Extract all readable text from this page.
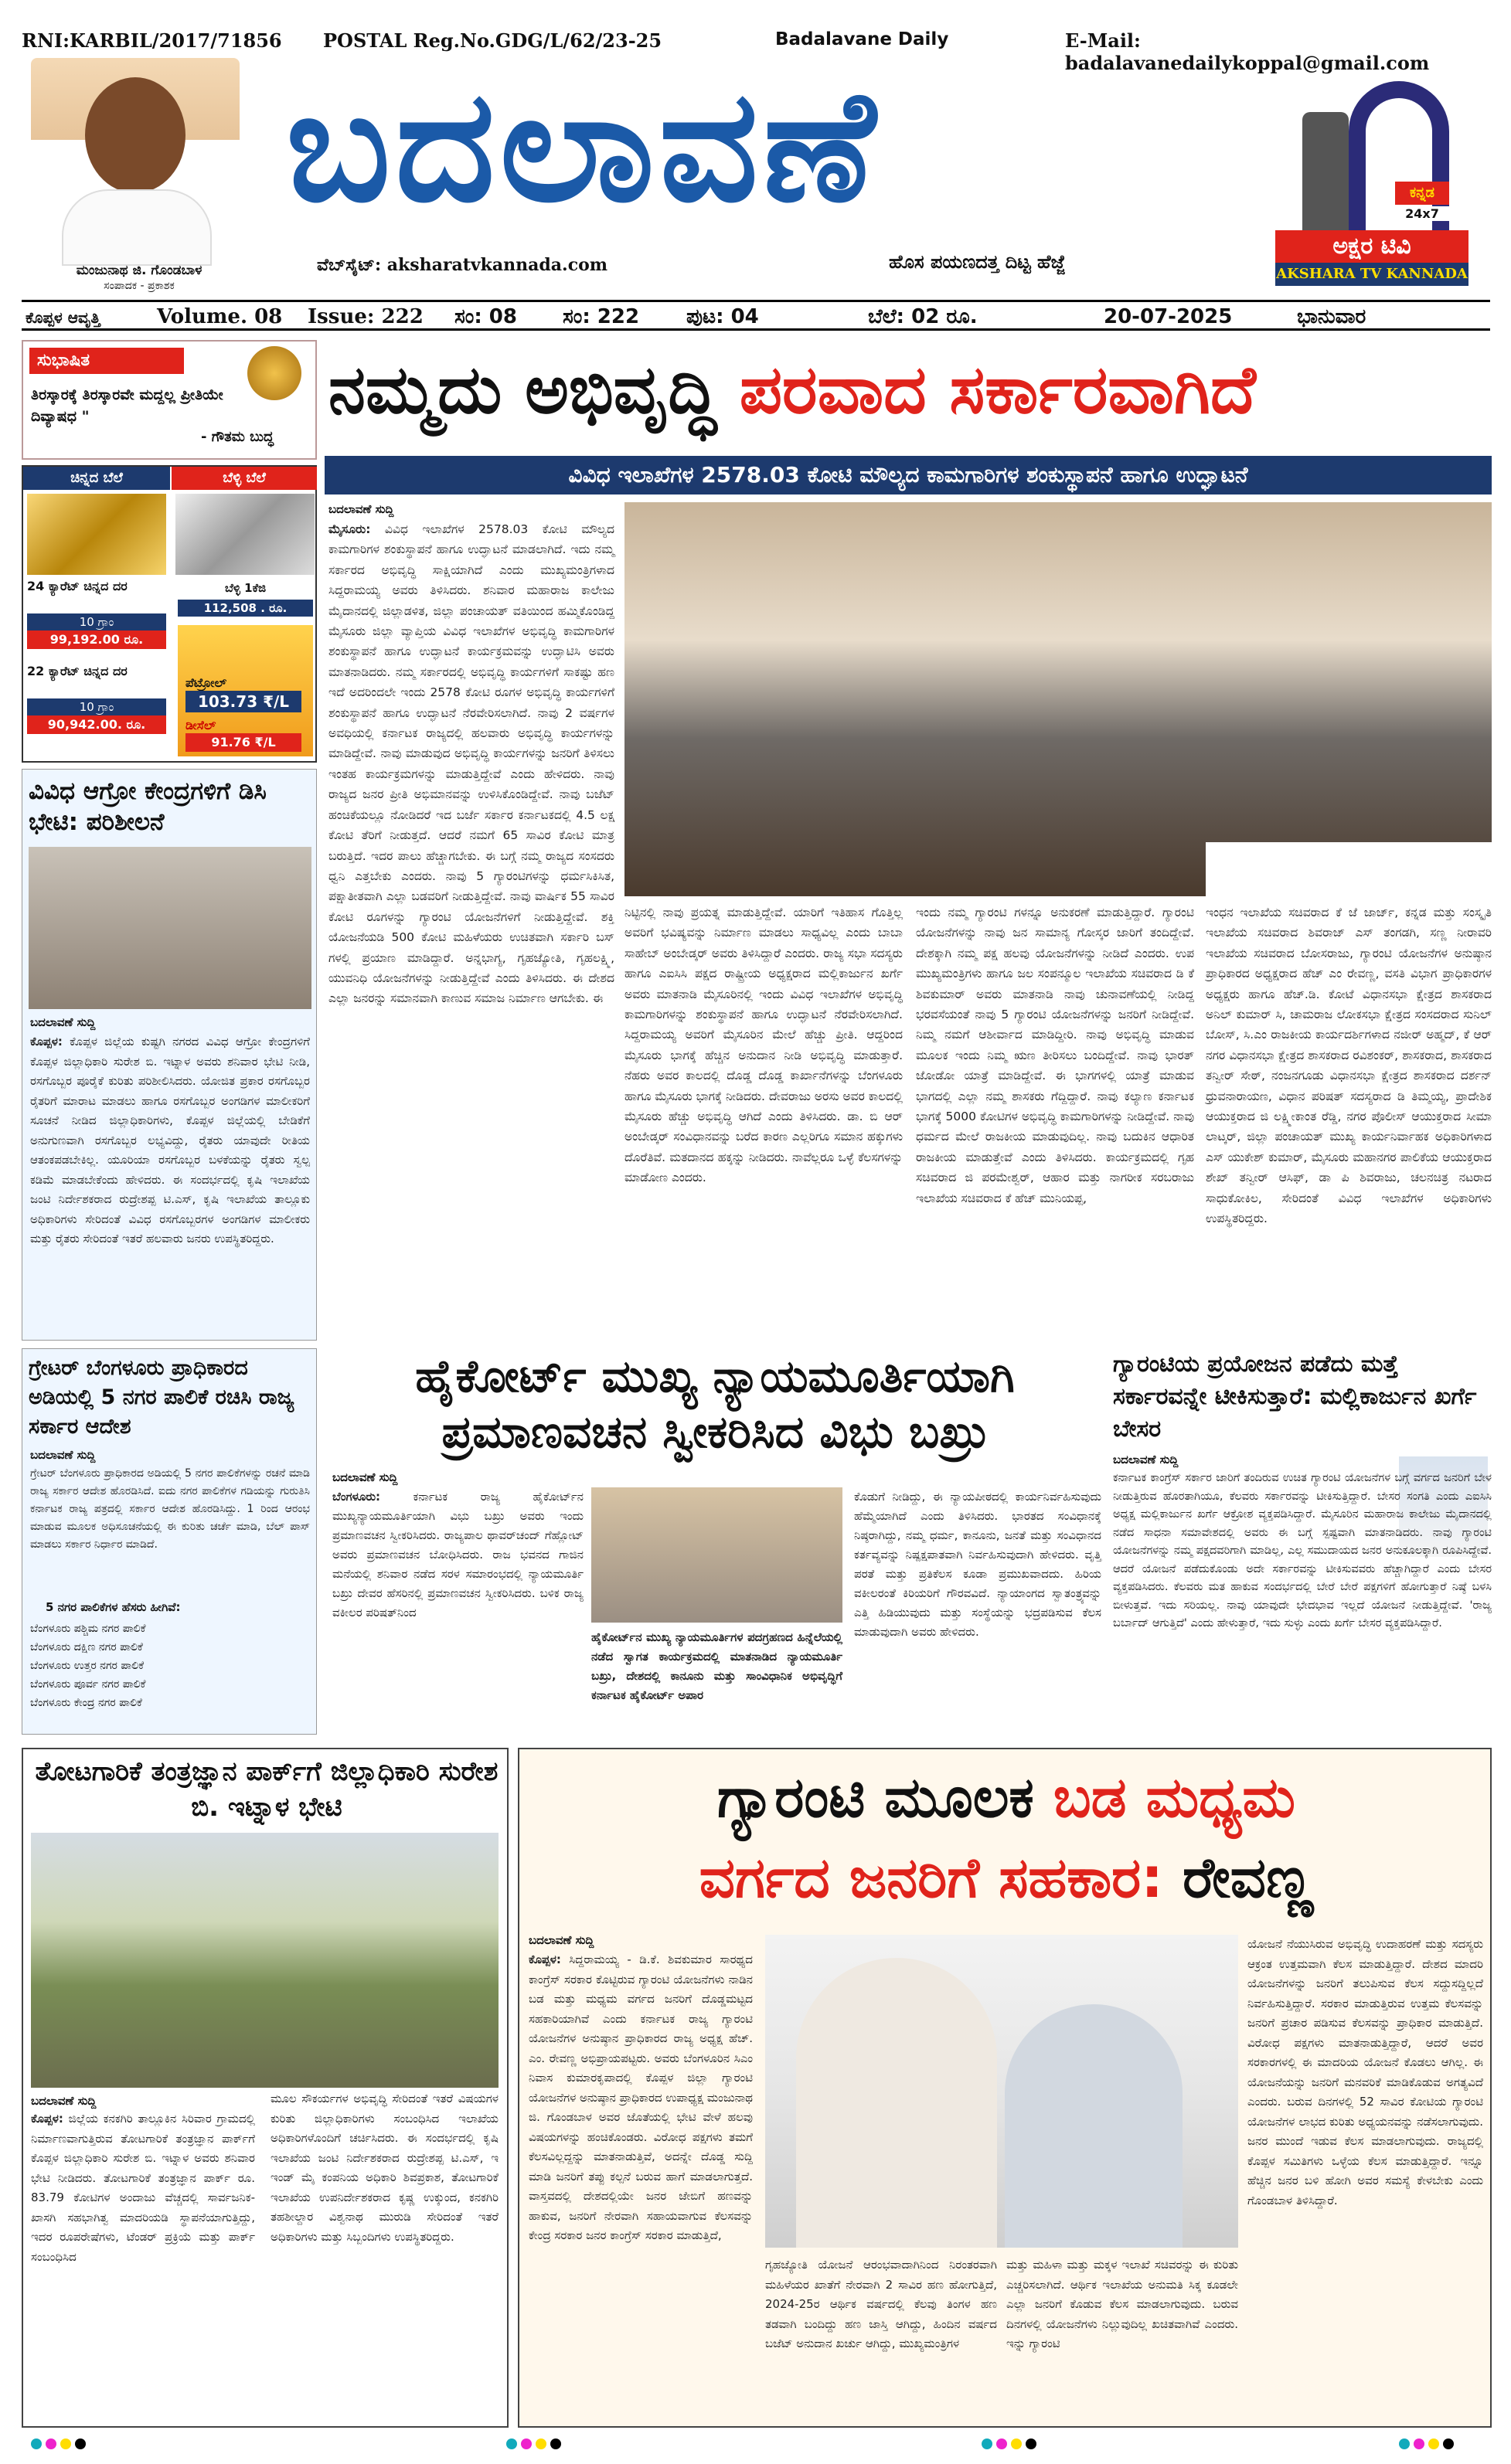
RNI:KARBIL/2017/71856 POSTAL Reg.No.GDG/L/62/23-25	Badalavane Daily	E-Mail: badalavanedailykoppal@gmail.com
ಮಂಜುನಾಥ ಜಿ. ಗೊಂಡಬಾಳ
ಸಂಪಾದಕ - ಪ್ರಕಾಶಕ
ಬದಲಾವಣೆ
ವೆಬ್‌ಸೈಟ್: aksharatvkannada.com	ಹೊಸ ಪಯಣದತ್ತ ದಿಟ್ಟ ಹೆಜ್ಜೆ
ಕನ್ನಡ
24x7
ಅಕ್ಷರ ಟಿವಿ
AKSHARA TV KANNADA
ಕೊಪ್ಪಳ ಆವೃತ್ತಿ	Volume. 08 Issue: 222 ಸಂ: 08 ಸಂ: 222 ಪುಟ: 04	ಬೆಲೆ: 02 ರೂ.	20-07-2025	ಭಾನುವಾರ
ಸುಭಾಷಿತ
ತಿರಸ್ಕಾರಕ್ಕೆ ತಿರಸ್ಕಾರವೇ ಮದ್ದಲ್ಲ ಪ್ರೀತಿಯೇ ದಿವ್ಯಾಷಧ "
- ಗೌತಮ ಬುದ್ಧ
ಚಿನ್ನದ ಬೆಲೆ	ಬೆಳ್ಳಿ ಬೆಲೆ
24 ಕ್ಯಾರೆಟ್ ಚಿನ್ನದ ದರ
10 ಗ್ರಾಂ
99,192.00 ರೂ.
ಬೆಳ್ಳಿ 1ಕೆಜಿ
112,508 . ರೂ.
22 ಕ್ಯಾರೆಟ್ ಚಿನ್ನದ ದರ
10 ಗ್ರಾಂ
90,942.00. ರೂ.
ಪೆಟ್ರೋಲ್
103.73 ₹/L
ಡೀಸೆಲ್
91.76 ₹/L
ವಿವಿಧ ಆಗ್ರೋ ಕೇಂದ್ರಗಳಿಗೆ ಡಿಸಿ ಭೇಟಿ: ಪರಿಶೀಲನೆ
ಬದಲಾವಣೆ ಸುದ್ದಿ
ಕೊಪ್ಪಳ: ಕೊಪ್ಪಳ ಜಿಲ್ಲೆಯ ಕುಷ್ಟಗಿ ನಗರದ ವಿವಿಧ ಆಗ್ರೋ ಕೇಂದ್ರಗಳಿಗೆ ಕೊಪ್ಪಳ ಜಿಲ್ಲಾಧಿಕಾರಿ ಸುರೇಶ ಬಿ. ಇಟ್ನಾಳ ಅವರು ಶನಿವಾರ ಭೇಟಿ ನೀಡಿ, ರಸಗೊಬ್ಬರ ಪೂರೈಕೆ ಕುರಿತು ಪರಿಶೀಲಿಸಿದರು. ಯೋಜಿತ ಪ್ರಕಾರ ರಸಗೊಬ್ಬರ ರೈತರಿಗೆ ಮಾರಾಟ ಮಾಡಲು ಹಾಗೂ ರಸಗೊಬ್ಬರ ಅಂಗಡಿಗಳ ಮಾಲೀಕರಿಗೆ ಸೂಚನೆ ನೀಡಿದ ಜಿಲ್ಲಾಧಿಕಾರಿಗಳು, ಕೊಪ್ಪಳ ಜಿಲ್ಲೆಯಲ್ಲಿ ಬೇಡಿಕೆಗೆ ಅನುಗುಣವಾಗಿ ರಸಗೊಬ್ಬರ ಲಭ್ಯವಿದ್ದು, ರೈತರು ಯಾವುದೇ ರೀತಿಯ ಆತಂಕಪಡಬೇಕಿಲ್ಲ. ಯೂರಿಯಾ ರಸಗೊಬ್ಬರ ಬಳಕೆಯನ್ನು ರೈತರು ಸ್ವಲ್ಪ ಕಡಿಮೆ ಮಾಡಬೇಕೆಂದು ಹೇಳಿದರು. ಈ ಸಂದರ್ಭದಲ್ಲಿ ಕೃಷಿ ಇಲಾಖೆಯ ಜಂಟಿ ನಿರ್ದೇಶಕರಾದ ರುದ್ರೇಶಪ್ಪ ಟಿ.ಎಸ್, ಕೃಷಿ ಇಲಾಖೆಯ ತಾಲ್ಲೂಕು ಅಧಿಕಾರಿಗಳು ಸೇರಿದಂತೆ ವಿವಿಧ ರಸಗೊಬ್ಬರಗಳ ಅಂಗಡಿಗಳ ಮಾಲೀಕರು ಮತ್ತು ರೈತರು ಸೇರಿದಂತೆ ಇತರೆ ಹಲವಾರು ಜನರು ಉಪಸ್ಥಿತರಿದ್ದರು.
ಗ್ರೇಟರ್ ಬೆಂಗಳೂರು ಪ್ರಾಧಿಕಾರದ ಅಡಿಯಲ್ಲಿ 5 ನಗರ ಪಾಲಿಕೆ ರಚಿಸಿ ರಾಜ್ಯ ಸರ್ಕಾರ ಆದೇಶ
ಬದಲಾವಣೆ ಸುದ್ದಿ
ಗ್ರೇಟರ್ ಬೆಂಗಳೂರು ಪ್ರಾಧಿಕಾರದ ಅಡಿಯಲ್ಲಿ 5 ನಗರ ಪಾಲಿಕೆಗಳನ್ನು ರಚನೆ ಮಾಡಿ ರಾಜ್ಯ ಸರ್ಕಾರ ಆದೇಶ ಹೊರಡಿಸಿದೆ. ಐದು ನಗರ ಪಾಲಿಕೆಗಳ ಗಡಿಯನ್ನು ಗುರುತಿಸಿ ಕರ್ನಾಟಕ ರಾಜ್ಯ ಪತ್ರದಲ್ಲಿ ಸರ್ಕಾರ ಆದೇಶ ಹೊರಡಿಸಿದ್ದು. 1 ರಿಂದ ಆರಂಭ ಮಾಡುವ ಮೂಲಕ ಅಧಿಸೂಚನೆಯಲ್ಲಿ ಈ ಕುರಿತು ಚರ್ಚೆ ಮಾಡಿ, ಬೆಲ್ ಪಾಸ್ ಮಾಡಲು ಸರ್ಕಾರ ನಿರ್ಧಾರ ಮಾಡಿದೆ.
5 ನಗರ ಪಾಲಿಕೆಗಳ ಹೆಸರು ಹೀಗಿವೆ:
ಬೆಂಗಳೂರು ಪಶ್ಚಿಮ ನಗರ ಪಾಲಿಕೆ
ಬೆಂಗಳೂರು ದಕ್ಷಿಣ ನಗರ ಪಾಲಿಕೆ
ಬೆಂಗಳೂರು ಉತ್ತರ ನಗರ ಪಾಲಿಕೆ
ಬೆಂಗಳೂರು ಪೂರ್ವ ನಗರ ಪಾಲಿಕೆ
ಬೆಂಗಳೂರು ಕೇಂದ್ರ ನಗರ ಪಾಲಿಕೆ
ನಮ್ಮದು ಅಭಿವೃದ್ಧಿ ಪರವಾದ ಸರ್ಕಾರವಾಗಿದೆ
ವಿವಿಧ ಇಲಾಖೆಗಳ 2578.03 ಕೋಟಿ ಮೌಲ್ಯದ ಕಾಮಗಾರಿಗಳ ಶಂಕುಸ್ಥಾಪನೆ ಹಾಗೂ ಉದ್ಘಾಟನೆ
ಬದಲಾವಣೆ ಸುದ್ದಿ
ಮೈಸೂರು: ವಿವಿಧ ಇಲಾಖೆಗಳ 2578.03 ಕೋಟಿ ಮೌಲ್ಯದ ಕಾಮಗಾರಿಗಳ ಶಂಕುಸ್ಥಾಪನೆ ಹಾಗೂ ಉದ್ಘಾಟನೆ ಮಾಡಲಾಗಿದೆ. ಇದು ನಮ್ಮ ಸರ್ಕಾರದ ಅಭಿವೃದ್ಧಿ ಸಾಕ್ಷಿಯಾಗಿದೆ ಎಂದು ಮುಖ್ಯಮಂತ್ರಿಗಳಾದ ಸಿದ್ದರಾಮಯ್ಯ ಅವರು ತಿಳಿಸಿದರು. ಶನಿವಾರ ಮಹಾರಾಜ ಕಾಲೇಜು ಮೈದಾನದಲ್ಲಿ ಜಿಲ್ಲಾಡಳಿತ, ಜಿಲ್ಲಾ ಪಂಚಾಯತ್ ವತಿಯಿಂದ ಹಮ್ಮಿಕೊಂಡಿದ್ದ ಮೈಸೂರು ಜಿಲ್ಲಾ ವ್ಯಾಪ್ತಿಯ ವಿವಿಧ ಇಲಾಖೆಗಳ ಅಭಿವೃದ್ಧಿ ಕಾಮಗಾರಿಗಳ ಶಂಕುಸ್ಥಾಪನೆ ಹಾಗೂ ಉದ್ಘಾಟನೆ ಕಾರ್ಯಕ್ರಮವನ್ನು ಉದ್ಘಾಟಿಸಿ ಅವರು ಮಾತನಾಡಿದರು. ನಮ್ಮ ಸರ್ಕಾರದಲ್ಲಿ ಅಭಿವೃದ್ಧಿ ಕಾರ್ಯಗಳಿಗೆ ಸಾಕಷ್ಟು ಹಣ ಇದೆ ಅದರಿಂದಲೇ ಇಂದು 2578 ಕೋಟಿ ರೂಗಳ ಅಭಿವೃದ್ಧಿ ಕಾರ್ಯಗಳಿಗೆ ಶಂಕುಸ್ಥಾಪನೆ ಹಾಗೂ ಉದ್ಘಾಟನೆ ನೆರವೇರಿಸಲಾಗಿದೆ. ನಾವು 2 ವರ್ಷಗಳ ಅವಧಿಯಲ್ಲಿ ಕರ್ನಾಟಕ ರಾಜ್ಯದಲ್ಲಿ ಹಲವಾರು ಅಭಿವೃದ್ಧಿ ಕಾರ್ಯಗಳನ್ನು ಮಾಡಿದ್ದೇವೆ. ನಾವು ಮಾಡುವುದ ಅಭಿವೃದ್ಧಿ ಕಾರ್ಯಗಳನ್ನು ಜನರಿಗೆ ತಿಳಿಸಲು ಇಂತಹ ಕಾರ್ಯಕ್ರಮಗಳನ್ನು ಮಾಡುತ್ತಿದ್ದೇವೆ ಎಂದು ಹೇಳಿದರು. ನಾವು ರಾಜ್ಯದ ಜನರ ಪ್ರೀತಿ ಅಭಿಮಾನವನ್ನು ಉಳಿಸಿಕೊಂಡಿದ್ದೇವೆ. ನಾವು ಬಜೆಟ್ ಹಂಚಿಕೆಯಲ್ಲೂ ನೋಡಿದರೆ ಇದ ಬರ್ಜೆ ಸರ್ಕಾರ ಕರ್ನಾಟಕದಲ್ಲಿ 4.5 ಲಕ್ಷ ಕೋಟಿ ತೆರಿಗೆ ನೀಡುತ್ತದೆ. ಆದರೆ ನಮಗೆ 65 ಸಾವಿರ ಕೋಟಿ ಮಾತ್ರ ಬರುತ್ತಿದೆ. ಇದರ ಪಾಲು ಹೆಚ್ಚಾಗಬೇಕು. ಈ ಬಗ್ಗೆ ನಮ್ಮ ರಾಜ್ಯದ ಸಂಸದರು ಧ್ವನಿ ಎತ್ತಬೇಕು ಎಂದರು. ನಾವು 5 ಗ್ಯಾರಂಟಿಗಳನ್ನು ಧರ್ಮಸಿಕಿಸಿತ, ಪಕ್ಷಾತೀತವಾಗಿ ಎಲ್ಲಾ ಬಡವರಿಗೆ ನೀಡುತ್ತಿದ್ದೇವೆ. ನಾವು ವಾರ್ಷಿಕ 55 ಸಾವಿರ ಕೋಟಿ ರೂಗಳನ್ನು ಗ್ಯಾರಂಟಿ ಯೋಜನೆಗಳಿಗೆ ನೀಡುತ್ತಿದ್ದೇವೆ. ಶಕ್ತಿ ಯೋಜನೆಯಡಿ 500 ಕೋಟಿ ಮಹಿಳೆಯರು ಉಚಿತವಾಗಿ ಸರ್ಕಾರಿ ಬಸ್ ಗಳಲ್ಲಿ ಪ್ರಯಾಣ ಮಾಡಿದ್ದಾರೆ. ಅನ್ನಭಾಗ್ಯ, ಗೃಹಜ್ಯೋತಿ, ಗೃಹಲಕ್ಷ್ಮಿ, ಯುವನಿಧಿ ಯೋಜನೆಗಳನ್ನು ನೀಡುತ್ತಿದ್ದೇವೆ ಎಂದು ತಿಳಿಸಿದರು. ಈ ದೇಶದ ಎಲ್ಲಾ ಜನರನ್ನು ಸಮಾನವಾಗಿ ಕಾಣುವ ಸಮಾಜ ನಿರ್ಮಾಣ ಆಗಬೇಕು. ಈ
ನಿಟ್ಟಿನಲ್ಲಿ ನಾವು ಪ್ರಯತ್ನ ಮಾಡುತ್ತಿದ್ದೇವೆ. ಯಾರಿಗೆ ಇತಿಹಾಸ ಗೊತ್ತಿಲ್ಲ ಅವರಿಗೆ ಭವಿಷ್ಯವನ್ನು ನಿರ್ಮಾಣ ಮಾಡಲು ಸಾಧ್ಯವಿಲ್ಲ ಎಂದು ಬಾಬಾ ಸಾಹೇಬ್ ಅಂಬೇಡ್ಕರ್ ಅವರು ತಿಳಿಸಿದ್ದಾರೆ ಎಂದರು. ರಾಜ್ಯ ಸಭಾ ಸದಸ್ಯರು ಹಾಗೂ ಎಐಸಿಸಿ ಪಕ್ಷದ ರಾಷ್ಟ್ರೀಯ ಅಧ್ಯಕ್ಷರಾದ ಮಲ್ಲಿಕಾರ್ಜುನ ಖರ್ಗೆ ಅವರು ಮಾತನಾಡಿ ಮೈಸೂರಿನಲ್ಲಿ ಇಂದು ವಿವಿಧ ಇಲಾಖೆಗಳ ಅಭಿವೃದ್ಧಿ ಕಾಮಗಾರಿಗಳನ್ನು ಶಂಕುಸ್ಥಾಪನೆ ಹಾಗೂ ಉದ್ಘಾಟನೆ ನೆರವೇರಿಸಲಾಗಿದೆ. ಸಿದ್ದರಾಮಯ್ಯ ಅವರಿಗೆ ಮೈಸೂರಿನ ಮೇಲೆ ಹೆಚ್ಚು ಪ್ರೀತಿ. ಆದ್ದರಿಂದ ಮೈಸೂರು ಭಾಗಕ್ಕೆ ಹೆಚ್ಚಿನ ಅನುದಾನ ನೀಡಿ ಅಭಿವೃದ್ಧಿ ಮಾಡುತ್ತಾರೆ. ನೆಹರು ಅವರ ಕಾಲದಲ್ಲಿ ದೊಡ್ಡ ದೊಡ್ಡ ಕಾರ್ಖಾನೆಗಳನ್ನು ಬೆಂಗಳೂರು ಹಾಗೂ ಮೈಸೂರು ಭಾಗಕ್ಕೆ ನೀಡಿದರು. ದೇವರಾಜು ಅರಸು ಅವರ ಕಾಲದಲ್ಲಿ ಮೈಸೂರು ಹೆಚ್ಚು ಅಭಿವೃದ್ಧಿ ಆಗಿದೆ ಎಂದು ತಿಳಿಸಿದರು. ಡಾ. ಬಿ ಆರ್ ಅಂಬೇಡ್ಕರ್ ಸಂವಿಧಾನವನ್ನು ಬರೆದ ಕಾರಣ ಎಲ್ಲರಿಗೂ ಸಮಾನ ಹಕ್ಕುಗಳು ದೊರೆತಿವೆ. ಮತದಾನದ ಹಕ್ಕನ್ನು ನೀಡಿದರು. ನಾವೆಲ್ಲರೂ ಒಳ್ಳೆ ಕೆಲಸಗಳನ್ನು ಮಾಡೋಣ ಎಂದರು.
ಇಂದು ನಮ್ಮ ಗ್ಯಾರಂಟಿ ಗಳನ್ನೂ ಅನುಕರಣೆ ಮಾಡುತ್ತಿದ್ದಾರೆ. ಗ್ಯಾರಂಟಿ ಯೋಜನೆಗಳನ್ನು ನಾವು ಜನ ಸಾಮಾನ್ಯ ಗೋಸ್ಕರ ಜಾರಿಗೆ ತಂದಿದ್ದೇವೆ. ದೇಶಕ್ಕಾಗಿ ನಮ್ಮ ಪಕ್ಷ ಹಲವು ಯೋಜನೆಗಳನ್ನು ನೀಡಿದೆ ಎಂದರು. ಉಪ ಮುಖ್ಯಮಂತ್ರಿಗಳು ಹಾಗೂ ಜಲ ಸಂಪನ್ಮೂಲ ಇಲಾಖೆಯ ಸಚಿವರಾದ ಡಿ ಕೆ ಶಿವಕುಮಾರ್ ಅವರು ಮಾತನಾಡಿ ನಾವು ಚುನಾವಣೆಯಲ್ಲಿ ನೀಡಿದ್ದ ಭರವಸೆಯಂತೆ ನಾವು 5 ಗ್ಯಾರಂಟಿ ಯೋಜನೆಗಳನ್ನು ಜನರಿಗೆ ನೀಡಿದ್ದೇವೆ. ನಿಮ್ಮ ನಮಗೆ ಆಶೀರ್ವಾದ ಮಾಡಿದ್ದೀರಿ. ನಾವು ಅಭಿವೃದ್ಧಿ ಮಾಡುವ ಮೂಲಕ ಇಂದು ನಿಮ್ಮ ಋಣ ತೀರಿಸಲು ಬಂದಿದ್ದೇವೆ. ನಾವು ಭಾರತ್ ಜೋಡೋ ಯಾತ್ರೆ ಮಾಡಿದ್ದೇವೆ. ಈ ಭಾಗಗಳಲ್ಲಿ ಯಾತ್ರೆ ಮಾಡುವ ಭಾಗದಲ್ಲಿ ಎಲ್ಲಾ ನಮ್ಮ ಶಾಸಕರು ಗೆದ್ದಿದ್ದಾರೆ. ನಾವು ಕಲ್ಯಾಣ ಕರ್ನಾಟಕ ಭಾಗಕ್ಕೆ 5000 ಕೋಟಿಗಳ ಅಭಿವೃದ್ಧಿ ಕಾಮಗಾರಿಗಳನ್ನು ನೀಡಿದ್ದೇವೆ. ನಾವು ಧರ್ಮದ ಮೇಲೆ ರಾಜಕೀಯ ಮಾಡುವುದಿಲ್ಲ. ನಾವು ಬದುಕಿನ ಆಧಾರಿತ ರಾಜಕೀಯ ಮಾಡುತ್ತೇವೆ ಎಂದು ತಿಳಿಸಿದರು. ಕಾರ್ಯಕ್ರಮದಲ್ಲಿ ಗೃಹ ಸಚಿವರಾದ ಜಿ ಪರಮೇಶ್ವರ್, ಆಹಾರ ಮತ್ತು ನಾಗರೀಕ ಸರಬರಾಜು ಇಲಾಖೆಯ ಸಚಿವರಾದ ಕೆ ಹೆಚ್ ಮುನಿಯಪ್ಪ,
ಇಂಧನ ಇಲಾಖೆಯ ಸಚಿವರಾದ ಕೆ ಜೆ ಜಾರ್ಜ್, ಕನ್ನಡ ಮತ್ತು ಸಂಸ್ಕೃತಿ ಇಲಾಖೆಯ ಸಚಿವರಾದ ಶಿವರಾಜ್ ಎಸ್ ತಂಗಡಗಿ, ಸಣ್ಣ ನೀರಾವರಿ ಇಲಾಖೆಯ ಸಚಿವರಾದ ಬೋಸರಾಜು, ಗ್ಯಾರಂಟಿ ಯೋಜನೆಗಳ ಅನುಷ್ಠಾನ ಪ್ರಾಧಿಕಾರದ ಅಧ್ಯಕ್ಷರಾದ ಹೆಚ್ ಎಂ ರೇವಣ್ಣ, ವಸತಿ ವಿಭಾಗ ಪ್ರಾಧಿಕಾರಗಳ ಅಧ್ಯಕ್ಷರು ಹಾಗೂ ಹೆಚ್.ಡಿ. ಕೋಟೆ ವಿಧಾನಸಭಾ ಕ್ಷೇತ್ರದ ಶಾಸಕರಾದ ಅನಿಲ್ ಕುಮಾರ್ ಸಿ, ಚಾಮರಾಜ ಲೋಕಸಭಾ ಕ್ಷೇತ್ರದ ಸಂಸದರಾದ ಸುನಿಲ್ ಬೋಸ್, ಸಿ.ಎಂ ರಾಜಕೀಯ ಕಾರ್ಯದರ್ಶಿಗಳಾದ ನಜೀರ್ ಅಹ್ಮದ್, ಕೆ ಆರ್ ನಗರ ವಿಧಾನಸಭಾ ಕ್ಷೇತ್ರದ ಶಾಸಕರಾದ ರವಿಶಂಕರ್, ಶಾಸಕರಾದ, ಶಾಸಕರಾದ ತನ್ವೀರ್ ಸೇಠ್, ನಂಜನಗೂಡು ವಿಧಾನಸಭಾ ಕ್ಷೇತ್ರದ ಶಾಸಕರಾದ ದರ್ಶನ್ ಧ್ರುವನಾರಾಯಣ, ವಿಧಾನ ಪರಿಷತ್ ಸದಸ್ಯರಾದ ಡಿ ತಿಮ್ಮಯ್ಯ, ಪ್ರಾದೇಶಿಕ ಆಯುಕ್ತರಾದ ಜಿ ಲಕ್ಷ್ಮೀಕಾಂತ ರೆಡ್ಡಿ, ನಗರ ಪೊಲೀಸ್ ಆಯುಕ್ತರಾದ ಸೀಮಾ ಲಾಟ್ಕರ್, ಜಿಲ್ಲಾ ಪಂಚಾಯತ್ ಮುಖ್ಯ ಕಾರ್ಯನಿರ್ವಾಹಕ ಅಧಿಕಾರಿಗಳಾದ ಎಸ್ ಯುಕೇಶ್ ಕುಮಾರ್, ಮೈಸೂರು ಮಹಾನಗರ ಪಾಲಿಕೆಯ ಆಯುಕ್ತರಾದ ಶೇಖ್ ತನ್ವೀರ್ ಆಸಿಫ್, ಡಾ ಪಿ ಶಿವರಾಜು, ಚಲನಚಿತ್ರ ನಟರಾದ ಸಾಧುಕೋಕಿಲ, ಸೇರಿದಂತೆ ವಿವಿಧ ಇಲಾಖೆಗಳ ಅಧಿಕಾರಿಗಳು ಉಪಸ್ಥಿತರಿದ್ದರು.
ಹೈಕೋರ್ಟ್ ಮುಖ್ಯ ನ್ಯಾಯಮೂರ್ತಿಯಾಗಿ
ಪ್ರಮಾಣವಚನ ಸ್ವೀಕರಿಸಿದ ವಿಭು ಬಖ್ರು
ಬದಲಾವಣೆ ಸುದ್ದಿ
ಬೆಂಗಳೂರು:	ಕರ್ನಾಟಕ ರಾಜ್ಯ ಹೈಕೋರ್ಟ್‌ನ ಮುಖ್ಯನ್ಯಾಯಮೂರ್ತಿಯಾಗಿ ವಿಭು ಬಖ್ರು ಅವರು ಇಂದು ಪ್ರಮಾಣವಚನ ಸ್ವೀಕರಿಸಿದರು. ರಾಜ್ಯಪಾಲ ಥಾವರ್‌ಚಂದ್ ಗೆಹ್ಲೋಟ್ ಅವರು ಪ್ರಮಾಣವಚನ ಬೋಧಿಸಿದರು. ರಾಜ ಭವನದ ಗಾಜಿನ ಮನೆಯಲ್ಲಿ ಶನಿವಾರ ನಡೆದ ಸರಳ ಸಮಾರಂಭದಲ್ಲಿ ನ್ಯಾಯಮೂರ್ತಿ ಬಖ್ರು ದೇವರ ಹೆಸರಿನಲ್ಲಿ ಪ್ರಮಾಣವಚನ ಸ್ವೀಕರಿಸಿದರು. ಬಳಿಕ ರಾಜ್ಯ ವಕೀಲರ ಪರಿಷತ್‌ನಿಂದ
ಹೈಕೋರ್ಟ್‌ನ ಮುಖ್ಯ ನ್ಯಾಯಮೂರ್ತಿಗಳ ಪದಗ್ರಹಣದ ಹಿನ್ನೆಲೆಯಲ್ಲಿ ನಡೆದ ಸ್ವಾಗತ ಕಾರ್ಯಕ್ರಮದಲ್ಲಿ ಮಾತನಾಡಿದ ನ್ಯಾಯಮೂರ್ತಿ ಬಖ್ರು, ದೇಶದಲ್ಲಿ ಕಾನೂನು ಮತ್ತು ಸಾಂವಿಧಾನಿಕ ಅಭಿವೃದ್ಧಿಗೆ ಕರ್ನಾಟಕ ಹೈಕೋರ್ಟ್ ಅಪಾರ
ಕೊಡುಗೆ ನೀಡಿದ್ದು, ಈ ನ್ಯಾಯಪೀಠದಲ್ಲಿ ಕಾರ್ಯನಿರ್ವಹಿಸುವುದು ಹೆಮ್ಮೆಯಾಗಿದೆ ಎಂದು ತಿಳಿಸಿದರು. ಭಾರತದ ಸಂವಿಧಾನಕ್ಕೆ ನಿಷ್ಠರಾಗಿದ್ದು, ನಮ್ಮ ಧರ್ಮ, ಕಾನೂನು, ಜನತೆ ಮತ್ತು ಸಂವಿಧಾನದ ಕರ್ತವ್ಯವನ್ನು ನಿಷ್ಪಕ್ಷಪಾತವಾಗಿ ನಿರ್ವಹಿಸುವುದಾಗಿ ಹೇಳಿದರು. ವೃತ್ತಿ ಪರತೆ ಮತ್ತು ಪ್ರತಿಕೆಲಸ ಕೂಡಾ ಪ್ರಮುಖವಾದದು. ಹಿರಿಯ ವಕೀಲರಂತೆ ಕಿರಿಯರಿಗೆ ಗೌರವವಿದೆ. ನ್ಯಾಯಾಂಗದ ಸ್ವಾತಂತ್ರ್ಯವನ್ನು ಎತ್ತಿ ಹಿಡಿಯುವುದು ಮತ್ತು ಸಂಸ್ಥೆಯನ್ನು ಭದ್ರಪಡಿಸುವ ಕೆಲಸ ಮಾಡುವುದಾಗಿ ಅವರು ಹೇಳಿದರು.
ಗ್ಯಾರಂಟಿಯ ಪ್ರಯೋಜನ ಪಡೆದು ಮತ್ತೆ ಸರ್ಕಾರವನ್ನೇ ಟೀಕಿಸುತ್ತಾರೆ: ಮಲ್ಲಿಕಾರ್ಜುನ ಖರ್ಗೆ ಬೇಸರ
ಬದಲಾವಣೆ ಸುದ್ದಿ
ಕರ್ನಾಟಕ ಕಾಂಗ್ರೆಸ್ ಸರ್ಕಾರ ಜಾರಿಗೆ ತಂದಿರುವ ಉಚಿತ ಗ್ಯಾರಂಟಿ ಯೋಜನೆಗಳ ಬಗ್ಗೆ ವರ್ಗದ ಜನರಿಗೆ ಬೇಳ ನೀಡುತ್ತಿರುವ ಹೊರತಾಗಿಯೂ, ಕೆಲವರು ಸರ್ಕಾರವನ್ನು ಟೀಕಿಸುತ್ತಿದ್ದಾರೆ. ಬೇಸರ ಸಂಗತಿ ಎಂದು ಎಐಸಿಸಿ ಅಧ್ಯಕ್ಷ ಮಲ್ಲಿಕಾರ್ಜುನ ಖರ್ಗೆ ಆಕ್ರೋಶ ವ್ಯಕ್ತಪಡಿಸಿದ್ದಾರೆ. ಮೈಸೂರಿನ ಮಹಾರಾಜ ಕಾಲೇಜು ಮೈದಾನದಲ್ಲಿ ನಡೆದ ಸಾಧನಾ ಸಮಾವೇಶದಲ್ಲಿ ಅವರು ಈ ಬಗ್ಗೆ ಸ್ಪಷ್ಟವಾಗಿ ಮಾತನಾಡಿದರು. ನಾವು ಗ್ಯಾರಂಟಿ ಯೋಜನೆಗಳನ್ನು ನಮ್ಮ ಪಕ್ಷದವರಿಗಾಗಿ ಮಾಡಿಲ್ಲ, ಎಲ್ಲ ಸಮುದಾಯದ ಜನರ ಅನುಕೂಲಕ್ಕಾಗಿ ರೂಪಿಸಿದ್ದೇವೆ. ಆದರೆ ಯೋಜನೆ ಪಡೆದುಕೊಂಡು ಅದೇ ಸರ್ಕಾರವನ್ನು ಟೀಕಿಸುವವರು ಹೆಚ್ಚಾಗಿದ್ದಾರೆ ಎಂದು ಬೇಸರ ವ್ಯಕ್ತಪಡಿಸಿದರು. ಕೆಲವರು ಮತ ಹಾಕುವ ಸಂದರ್ಭದಲ್ಲಿ ಬೇರೆ ಬೇರೆ ಪಕ್ಷಗಳಿಗೆ ಹೋಗುತ್ತಾರೆ ನಿಷ್ಠೆ ಬಳಸಿ ಬೀಳುತ್ತವೆ. ಇದು ಸರಿಯಲ್ಲ. ನಾವು ಯಾವುದೇ ಭೇದಭಾವ ಇಲ್ಲದೆ ಯೋಜನೆ ನೀಡುತ್ತಿದ್ದೇವೆ. 'ರಾಜ್ಯ ಬರ್ಬಾದ್ ಆಗುತ್ತಿದೆ' ಎಂದು ಹೇಳುತ್ತಾರೆ, ಇದು ಸುಳ್ಳು ಎಂದು ಖರ್ಗೆ ಬೇಸರ ವ್ಯಕ್ತಪಡಿಸಿದ್ದಾರೆ.
ತೋಟಗಾರಿಕೆ ತಂತ್ರಜ್ಞಾನ ಪಾರ್ಕ್‌ಗೆ ಜಿಲ್ಲಾಧಿಕಾರಿ ಸುರೇಶ ಬಿ. ಇಟ್ನಾಳ ಭೇಟಿ
ಬದಲಾವಣೆ ಸುದ್ದಿ
ಕೊಪ್ಪಳ: ಜಿಲ್ಲೆಯ ಕನಕಗಿರಿ ತಾಲ್ಲೂಕಿನ ಸಿರಿವಾರ ಗ್ರಾಮದಲ್ಲಿ ನಿರ್ಮಾಣವಾಗುತ್ತಿರುವ ತೋಟಗಾರಿಕೆ ತಂತ್ರಜ್ಞಾನ ಪಾರ್ಕ್‌ಗೆ ಕೊಪ್ಪಳ ಜಿಲ್ಲಾಧಿಕಾರಿ ಸುರೇಶ ಬಿ. ಇಟ್ನಾಳ ಅವರು ಶನಿವಾರ ಭೇಟಿ ನೀಡಿದರು. ತೋಟಗಾರಿಕೆ ತಂತ್ರಜ್ಞಾನ ಪಾರ್ಕ್ ರೂ. 83.79 ಕೋಟಿಗಳ ಅಂದಾಜು ವೆಚ್ಚದಲ್ಲಿ ಸಾರ್ವಜನಿಕ-ಖಾಸಗಿ ಸಹಭಾಗಿತ್ವ ಮಾದರಿಯಡಿ ಸ್ಥಾಪನೆಯಾಗುತ್ತಿದ್ದು, ಇದರ ರೂಪರೇಷೆಗಳು, ಟೆಂಡರ್ ಪ್ರಕ್ರಿಯೆ ಮತ್ತು ಪಾರ್ಕ್ ಸಂಬಂಧಿಸಿದ
ಮೂಲ ಸೌಕರ್ಯಗಳ ಅಭಿವೃದ್ಧಿ ಸೇರಿದಂತೆ ಇತರೆ ವಿಷಯಗಳ ಕುರಿತು ಜಿಲ್ಲಾಧಿಕಾರಿಗಳು ಸಂಬಂಧಿಸಿದ ಇಲಾಖೆಯ ಅಧಿಕಾರಿಗಳೊಂದಿಗೆ ಚರ್ಚಿಸಿದರು. ಈ ಸಂದರ್ಭದಲ್ಲಿ ಕೃಷಿ ಇಲಾಖೆಯ ಜಂಟಿ ನಿರ್ದೇಶಕರಾದ ರುದ್ರೇಶಪ್ಪ ಟಿ.ಎಸ್, ಇ ಇಂಡ್ ಮೈ ಕಂಪನಿಯ ಅಧಿಕಾರಿ ಶಿವಪ್ರಕಾಶ, ತೋಟಗಾರಿಕೆ ಇಲಾಖೆಯ ಉಪನಿರ್ದೇಶಕರಾದ ಕೃಷ್ಣ ಉಕ್ಕುಂದ, ಕನಕಗಿರಿ ತಹಶೀಲ್ದಾರ ವಿಶ್ವನಾಥ ಮುರುಡಿ ಸೇರಿದಂತೆ ಇತರೆ ಅಧಿಕಾರಿಗಳು ಮತ್ತು ಸಿಬ್ಬಂದಿಗಳು ಉಪಸ್ಥಿತರಿದ್ದರು.
ಗ್ಯಾರಂಟಿ ಮೂಲಕ ಬಡ ಮಧ್ಯಮ
ವರ್ಗದ ಜನರಿಗೆ ಸಹಕಾರ: ರೇವಣ್ಣ
ಬದಲಾವಣೆ ಸುದ್ದಿ
ಕೊಪ್ಪಳ: ಸಿದ್ದರಾಮಯ್ಯ - ಡಿ.ಕೆ. ಶಿವಕುಮಾರ ಸಾರಥ್ಯದ ಕಾಂಗ್ರೆಸ್ ಸರಕಾರ ಕೊಟ್ಟಿರುವ ಗ್ಯಾರಂಟಿ ಯೋಜನೆಗಳು ನಾಡಿನ ಬಡ ಮತ್ತು ಮಧ್ಯಮ ವರ್ಗದ ಜನರಿಗೆ ದೊಡ್ಡಮಟ್ಟದ ಸಹಕಾರಿಯಾಗಿವೆ ಎಂದು ಕರ್ನಾಟಕ ರಾಜ್ಯ ಗ್ಯಾರಂಟಿ ಯೋಜನೆಗಳ ಅನುಷ್ಠಾನ ಪ್ರಾಧಿಕಾರದ ರಾಜ್ಯ ಅಧ್ಯಕ್ಷ ಹೆಚ್. ಎಂ. ರೇವಣ್ಣ ಅಭಿಪ್ರಾಯಪಟ್ಟರು. ಅವರು ಬೆಂಗಳೂರಿನ ಸಿಎಂ ನಿವಾಸ ಕುಮಾರಕೃಪಾದಲ್ಲಿ ಕೊಪ್ಪಳ ಜಿಲ್ಲಾ ಗ್ಯಾರಂಟಿ ಯೋಜನೆಗಳ ಅನುಷ್ಠಾನ ಪ್ರಾಧಿಕಾರದ ಉಪಾಧ್ಯಕ್ಷ ಮಂಜುನಾಥ ಜಿ. ಗೊಂಡಬಾಳ ಅವರ ಜೊತೆಯಲ್ಲಿ ಭೇಟಿ ವೇಳೆ ಹಲವು ವಿಷಯಗಳನ್ನು ಹಂಚಿಕೊಂಡರು. ವಿರೋಧ ಪಕ್ಷಗಳು ತಮಗೆ ಕೆಲಸವಿಲ್ಲದ್ದನ್ನು ಮಾತನಾಡುತ್ತಿವೆ, ಅದನ್ನೇ ದೊಡ್ಡ ಸುದ್ದಿ ಮಾಡಿ ಜನರಿಗೆ ತಪ್ಪು ಕಲ್ಪನೆ ಬರುವ ಹಾಗೆ ಮಾಡಲಾಗುತ್ತದೆ. ವಾಸ್ತವದಲ್ಲಿ ದೇಶದಲ್ಲಿಯೇ ಜನರ ಜೇಬಿಗೆ ಹಣವನ್ನು ಹಾಕುವ, ಜನರಿಗೆ ನೇರವಾಗಿ ಸಹಾಯವಾಗುವ ಕೆಲಸವನ್ನು ಕೇಂದ್ರ ಸರಕಾರ ಜನರ ಕಾಂಗ್ರೆಸ್ ಸರಕಾರ ಮಾಡುತ್ತಿದೆ,
ಗೃಹಜ್ಯೋತಿ ಯೋಜನೆ ಆರಂಭವಾದಾಗಿನಿಂದ ನಿರಂತರವಾಗಿ ಮಹಿಳೆಯರ ಖಾತೆಗೆ ನೇರವಾಗಿ 2 ಸಾವಿರ ಹಣ ಹೋಗುತ್ತಿದೆ, 2024-25ರ ಆರ್ಥಿಕ ವರ್ಷದಲ್ಲಿ ಕೆಲವು ತಿಂಗಳ ಹಣ ತಡವಾಗಿ ಬಂದಿದ್ದು ಹಣ ಜಾಸ್ತಿ ಆಗಿದ್ದು, ಹಿಂದಿನ ವರ್ಷದ ಬಜೆಟ್ ಅನುದಾನ ಖರ್ಚು ಆಗಿದ್ದು, ಮುಖ್ಯಮಂತ್ರಿಗಳ
ಮತ್ತು ಮಹಿಳಾ ಮತ್ತು ಮಕ್ಕಳ ಇಲಾಖೆ ಸಚಿವರನ್ನು ಈ ಕುರಿತು ಎಚ್ಚರಿಸಲಾಗಿದೆ. ಆರ್ಥಿಕ ಇಲಾಖೆಯ ಅನುಮತಿ ಸಿಕ್ಕ ಕೂಡಲೇ ಎಲ್ಲಾ ಜನರಿಗೆ ಕೊಡುವ ಕೆಲಸ ಮಾಡಲಾಗುವುದು. ಬರುವ ದಿನಗಳಲ್ಲಿ ಯೋಜನೆಗಳು ನಿಲ್ಲುವುದಿಲ್ಲ ಖಚಿತವಾಗಿವೆ ಎಂದರು. ಇನ್ನು ಗ್ಯಾರಂಟಿ
ಯೋಜನೆ ನೆಯುಸಿರುವ ಅಭಿವೃದ್ಧಿ ಉದಾಹರಣೆ ಮತ್ತು ಸದಸ್ಯರು ಆಕ್ರಂತ ಉತ್ತಮವಾಗಿ ಕೆಲಸ ಮಾಡುತ್ತಿದ್ದಾರೆ. ದೇಶದ ಮಾದರಿ ಯೋಜನೆಗಳನ್ನು ಜನರಿಗೆ ತಲುಪಿಸುವ ಕೆಲಸ ಸದ್ದುಸದ್ದಿಲ್ಲದೆ ನಿರ್ವಹಿಸುತ್ತಿದ್ದಾರೆ. ಸರಕಾರ ಮಾಡುತ್ತಿರುವ ಉತ್ತಮ ಕೆಲಸವನ್ನು ಜನರಿಗೆ ಪ್ರಚಾರ ಪಡಿಸುವ ಕೆಲಸವನ್ನು ಪ್ರಾಧಿಕಾರ ಮಾಡುತ್ತಿದೆ. ವಿರೋಧ ಪಕ್ಷಗಳು ಮಾತನಾಡುತ್ತಿದ್ದಾರೆ, ಆದರೆ ಅವರ ಸರಕಾರಗಳಲ್ಲಿ ಈ ಮಾದರಿಯ ಯೋಜನೆ ಕೊಡಲು ಆಗಿಲ್ಲ. ಈ ಯೋಜನೆಯನ್ನು ಜನರಿಗೆ ಮನವರಿಕೆ ಮಾಡಿಕೊಡುವ ಅಗತ್ಯವಿದೆ ಎಂದರು. ಬರುವ ದಿನಗಳಲ್ಲಿ 52 ಸಾವಿರ ಕೋಟಿಯ ಗ್ಯಾರಂಟಿ ಯೋಜನೆಗಳ ಲಾಭದ ಕುರಿತು ಅಧ್ಯಯನವನ್ನು ನಡೆಸಲಾಗುವುದು. ಜನರ ಮುಂದೆ ಇಡುವ ಕೆಲಸ ಮಾಡಲಾಗುವುದು. ರಾಜ್ಯದಲ್ಲಿ ಕೊಪ್ಪಳ ಸಮಿತಿಗಳು ಒಳ್ಳೆಯ ಕೆಲಸ ಮಾಡುತ್ತಿದ್ದಾರೆ. ಇನ್ನೂ ಹೆಚ್ಚಿನ ಜನರ ಬಳಿ ಹೋಗಿ ಅವರ ಸಮಸ್ಯೆ ಕೇಳಬೇಕು ಎಂದು ಗೊಂಡಬಾಳ ತಿಳಿಸಿದ್ದಾರೆ.
